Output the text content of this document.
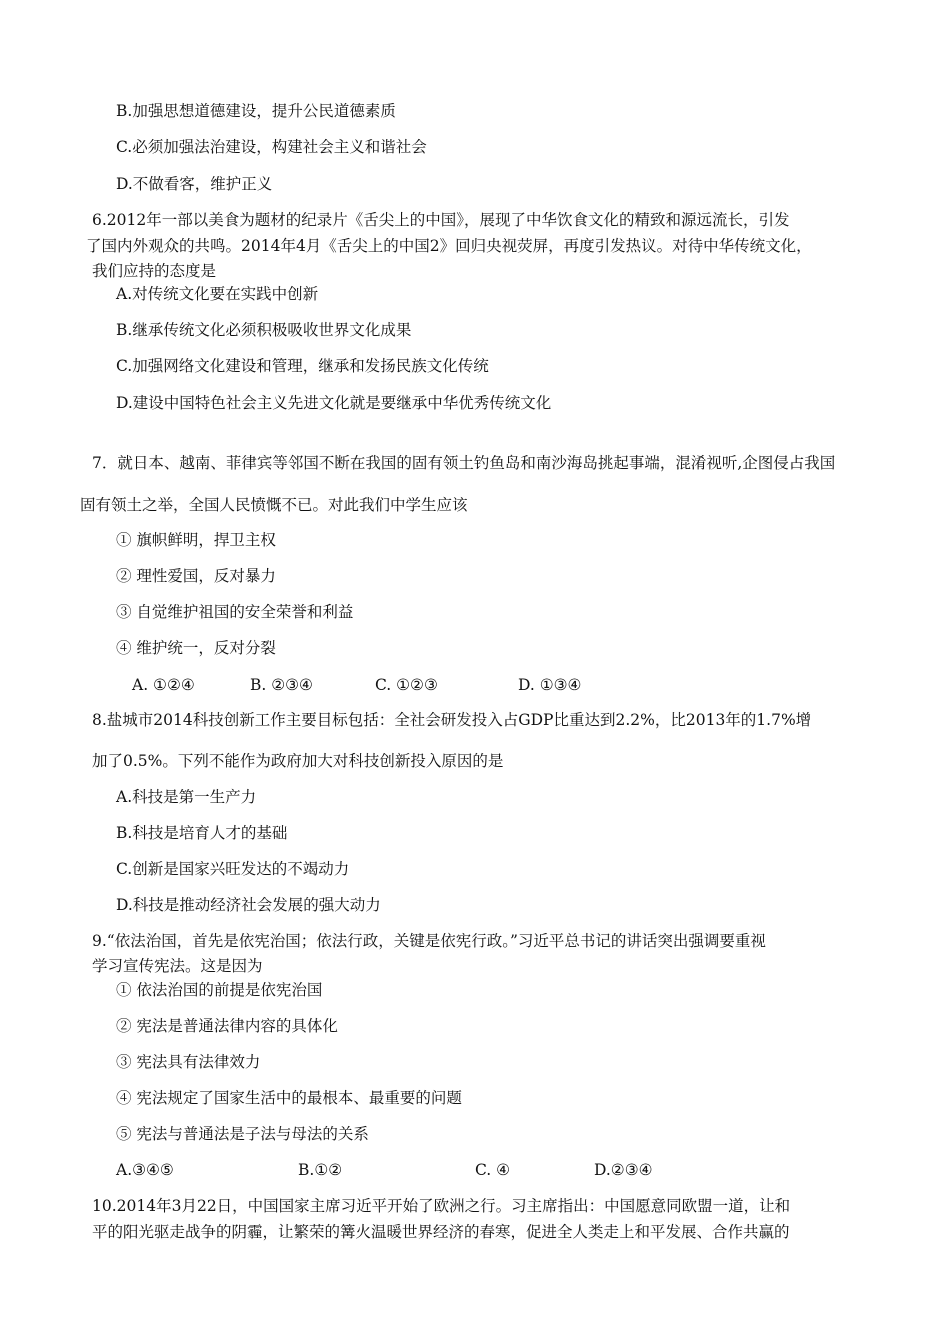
B.加强思想道德建设，提升公民道德素质
C.必须加强法治建设，构建社会主义和谐社会
D.不做看客，维护正义
6.2012年一部以美食为题材的纪录片《舌尖上的中国》，展现了中华饮食文化的精致和源远流长，引发
了国内外观众的共鸣。2014年4月《舌尖上的中国2》回归央视荧屏，再度引发热议。对待中华传统文化，
我们应持的态度是
A.对传统文化要在实践中创新
B.继承传统文化必须积极吸收世界文化成果
C.加强网络文化建设和管理，继承和发扬民族文化传统
D.建设中国特色社会主义先进文化就是要继承中华优秀传统文化
7．就日本、越南、菲律宾等邻国不断在我国的固有领土钓鱼岛和南沙海岛挑起事端，混淆视听,企图侵占我国
固有领土之举，全国人民愤慨不已。对此我们中学生应该
① 旗帜鲜明，捍卫主权
② 理性爱国，反对暴力
③ 自觉维护祖国的安全荣誉和利益
④ 维护统一，反对分裂
A. ①②④	B. ②③④	C. ①②③	D. ①③④
8.盐城市2014科技创新工作主要目标包括：全社会研发投入占GDP比重达到2.2%，比2013年的1.7%增
加了0.5%。下列不能作为政府加大对科技创新投入原因的是
A.科技是第一生产力
B.科技是培育人才的基础
C.创新是国家兴旺发达的不竭动力
D.科技是推动经济社会发展的强大动力
9.“依法治国，首先是依宪治国；依法行政，关键是依宪行政。”习近平总书记的讲话突出强调要重视
学习宣传宪法。这是因为
① 依法治国的前提是依宪治国
② 宪法是普通法律内容的具体化
③ 宪法具有法律效力
④ 宪法规定了国家生活中的最根本、最重要的问题
⑤ 宪法与普通法是子法与母法的关系
A.③④⑤	B.①②	C. ④	D.②③④
10.2014年3月22日，中国国家主席习近平开始了欧洲之行。习主席指出：中国愿意同欧盟一道，让和
平的阳光驱走战争的阴霾，让繁荣的篝火温暖世界经济的春寒，促进全人类走上和平发展、合作共赢的
